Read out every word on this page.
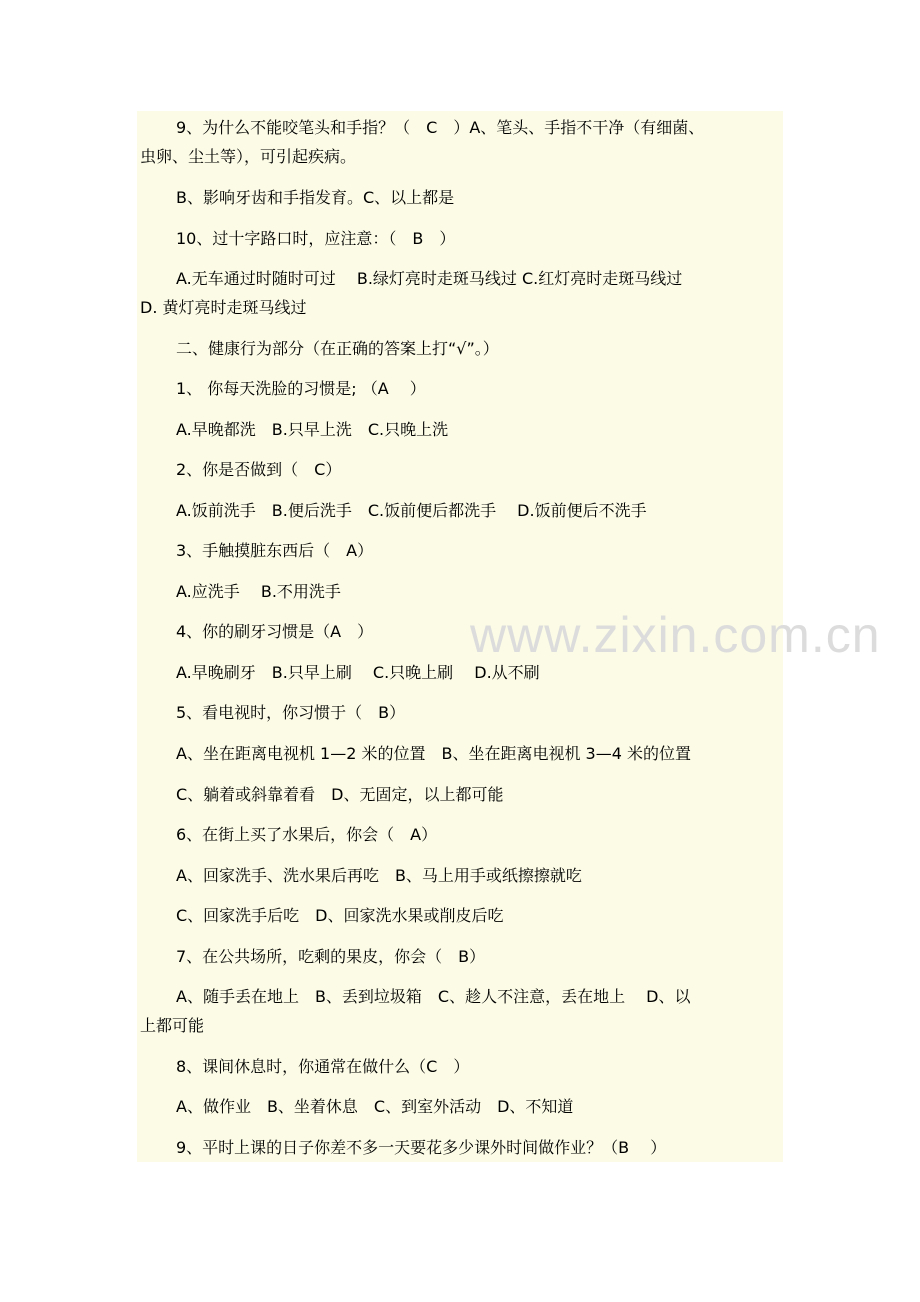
www.zixin.com.cn
9、为什么不能咬笔头和手指？（　C　）A、笔头、手指不干净（有细菌、
虫卵、尘土等），可引起疾病。
B、影响牙齿和手指发育。C、以上都是
10、过十字路口时，应注意：（　B　）
A.无车通过时随时可过　 B.绿灯亮时走斑马线过 C.红灯亮时走斑马线过
D. 黄灯亮时走斑马线过
二、健康行为部分（在正确的答案上打“√”。）
1、 你每天洗脸的习惯是; （A　 ）
A.早晚都洗　B.只早上洗　C.只晚上洗
2、你是否做到（　C）
A.饭前洗手　B.便后洗手　C.饭前便后都洗手　 D.饭前便后不洗手
3、手触摸脏东西后（　A）
A.应洗手　 B.不用洗手
4、你的刷牙习惯是（A　）
A.早晚刷牙　B.只早上刷　 C.只晚上刷　 D.从不刷
5、看电视时，你习惯于（　B）
A、坐在距离电视机 1—2 米的位置　B、坐在距离电视机 3—4 米的位置
C、躺着或斜靠着看　D、无固定，以上都可能
6、在街上买了水果后，你会（　A）
A、回家洗手、洗水果后再吃　B、马上用手或纸擦擦就吃
C、回家洗手后吃　D、回家洗水果或削皮后吃
7、在公共场所，吃剩的果皮，你会（　B）
A、随手丢在地上　B、丢到垃圾箱　C、趁人不注意，丢在地上　 D、以
上都可能
8、课间休息时，你通常在做什么（C　）
A、做作业　B、坐着休息　C、到室外活动　D、不知道
9、平时上课的日子你差不多一天要花多少课外时间做作业？（B　 ）
